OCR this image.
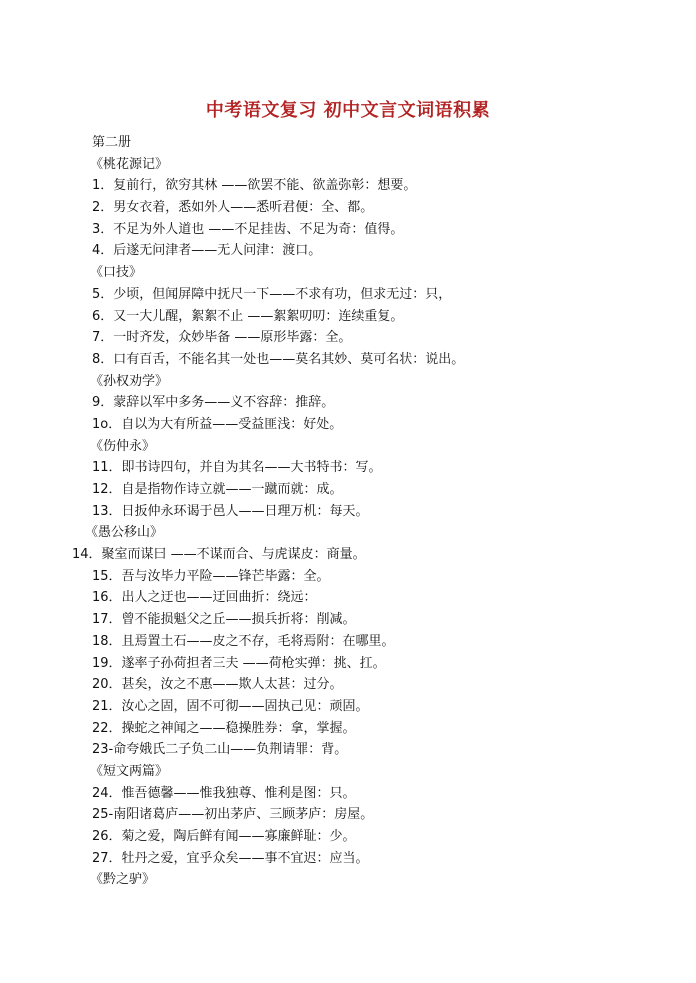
中考语文复习 初中文言文词语积累
第二册
《桃花源记》
1．复前行，欲穷其林 ——欲罢不能、欲盖弥彰：想要。
2．男女衣着，悉如外人——悉听君便：全、都。
3．不足为外人道也 ——不足挂齿、不足为奇：值得。
4．后遂无问津者——无人问津：渡口。
《口技》
5．少顷，但闻屏障中抚尺一下——不求有功，但求无过：只，
6．又一大儿醒，絮絮不止 ——絮絮叨叨：连续重复。
7．一时齐发，众妙毕备 ——原形毕露：全。
8．口有百舌，不能名其一处也——莫名其妙、莫可名状：说出。
《孙权劝学》
9．蒙辞以军中多务——义不容辞：推辞。
1o．自以为大有所益——受益匪浅：好处。
《伤仲永》
11．即书诗四句，并自为其名——大书特书：写。
12．自是指物作诗立就——一蹴而就：成。
13．日扳仲永环谒于邑人——日理万机：每天。
《愚公移山》
14．聚室而谋曰 ——不谋而合、与虎谋皮：商量。
15．吾与汝毕力平险——锋芒毕露：全。
16．出人之迂也——迂回曲折：绕远：
17．曾不能损魁父之丘——损兵折将：削减。
18．且焉置土石——皮之不存，毛将焉附：在哪里。
19．遂率子孙荷担者三夫 ——荷枪实弹：挑、扛。
20．甚矣，汝之不惠——欺人太甚：过分。
21．汝心之固，固不可彻——固执己见：顽固。
22．操蛇之神闻之——稳操胜券：拿，掌握。
23-命夸娥氏二子负二山——负荆请罪：背。
《短文两篇》
24．惟吾德馨——惟我独尊、惟利是图：只。
25-南阳诸葛庐——初出茅庐、三顾茅庐：房屋。
26．菊之爱，陶后鲜有闻——寡廉鲜耻：少。
27．牡丹之爱，宜乎众矣——事不宜迟：应当。
《黔之驴》
